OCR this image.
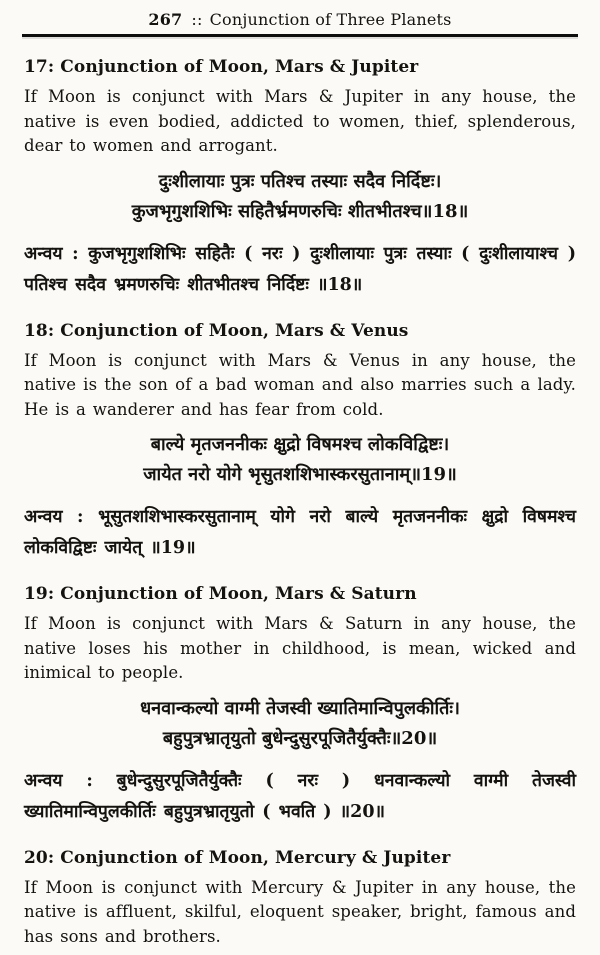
267 :: Conjunction of Three Planets
17: Conjunction of Moon, Mars & Jupiter

If Moon is conjunct with Mars & Jupiter in any house, the native is even bodied, addicted to women, thief, splenderous, dear to women and arrogant.

दुःशीलायाः पुत्रः पतिश्च तस्याः सदैव निर्दिष्टः।
कुजभृगुशशिभिः सहितैर्भ्रमणरुचिः शीतभीतश्च॥18॥

अन्वय : कुजभृगुशशिभिः सहितैः ( नरः ) दुःशीलायाः पुत्रः तस्याः ( दुःशीलायाश्च ) पतिश्च सदैव भ्रमणरुचिः शीतभीतश्च निर्दिष्टः ॥18॥

18: Conjunction of Moon, Mars & Venus

If Moon is conjunct with Mars & Venus in any house, the native is the son of a bad woman and also marries such a lady. He is a wanderer and has fear from cold.

बाल्ये मृतजननीकः क्षुद्रो विषमश्च लोकविद्विष्टः।
जायेत नरो योगे भृसुतशशिभास्करसुतानाम्॥19॥

अन्वय : भूसुतशशिभास्करसुतानाम् योगे नरो बाल्ये मृतजननीकः क्षुद्रो विषमश्च लोकविद्विष्टः जायेत् ॥19॥

19: Conjunction of Moon, Mars & Saturn

If Moon is conjunct with Mars & Saturn in any house, the native loses his mother in childhood, is mean, wicked and inimical to people.

धनवान्कल्यो वाग्मी तेजस्वी ख्यातिमान्विपुलकीर्तिः।
बहुपुत्रभ्रातृयुतो बुधेन्दुसुरपूजितैर्युक्तैः॥20॥

अन्वय : बुधेन्दुसुरपूजितैर्युक्तैः ( नरः ) धनवान्कल्यो वाग्मी तेजस्वी ख्यातिमान्विपुलकीर्तिः बहुपुत्रभ्रातृयुतो ( भवति ) ॥20॥

20: Conjunction of Moon, Mercury & Jupiter

If Moon is conjunct with Mercury & Jupiter in any house, the native is affluent, skilful, eloquent speaker, bright, famous and has sons and brothers.
